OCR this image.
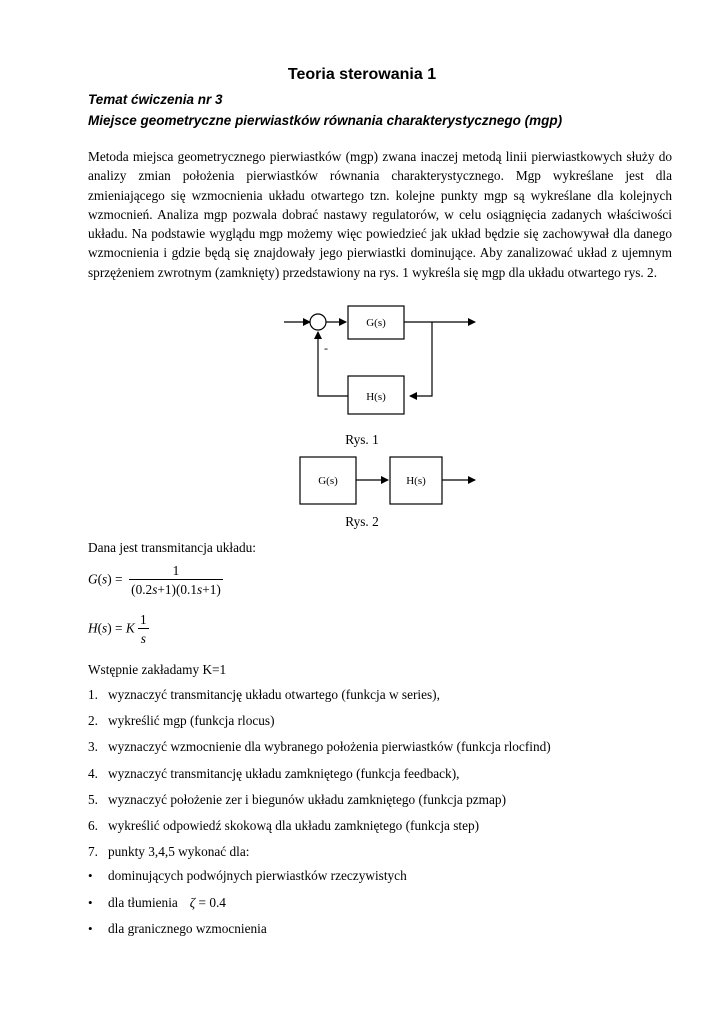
Teoria sterowania 1
Temat ćwiczenia nr 3
Miejsce geometryczne pierwiastków równania charakterystycznego (mgp)

Metoda miejsca geometrycznego pierwiastków (mgp) zwana inaczej metodą linii pierwiastkowych służy do analizy zmian położenia pierwiastków równania charakterystycznego. Mgp wykreślane jest dla zmieniającego się wzmocnienia układu otwartego tzn. kolejne punkty mgp są wykreślane dla kolejnych wzmocnień. Analiza mgp pozwala dobrać nastawy regulatorów, w celu osiągnięcia zadanych właściwości układu. Na podstawie wyglądu mgp możemy więc powiedzieć jak układ będzie się zachowywał dla danego wzmocnienia i gdzie będą się znajdowały jego pierwiastki dominujące. Aby zanalizować układ z ujemnym sprzężeniem zwrotnym (zamknięty) przedstawiony na rys. 1 wykreśla się mgp dla układu otwartego rys. 2.

G(s)
H(s)
-
Rys. 1
G(s)	H(s)
Rys. 2
Dana jest transmitancja układu:
$G(s) = \frac{1}{(0.2s+1)(0.1s+1)}$
H(s) = K $\frac{1}{s}$
Wstępnie zakładamy K=1
1. wyznaczyć transmitancję układu otwartego (funkcja w series),
2. wykreślić mgp (funkcja rlocus)
3. wyznaczyć wzmocnienie dla wybranego położenia pierwiastków (funkcja rlocfind)
4. wyznaczyć transmitancję układu zamkniętego (funkcja feedback),
5. wyznaczyć położenie zer i biegunów układu zamkniętego (funkcja pzmap)
6. wykreślić odpowiedź skokową dla układu zamkniętego (funkcja step)
7. punkty 3,4,5 wykonać dla:
• dominujących podwójnych pierwiastków rzeczywistych
• dla tłumienia ζ = 0.4
• dla granicznego wzmocnienia
